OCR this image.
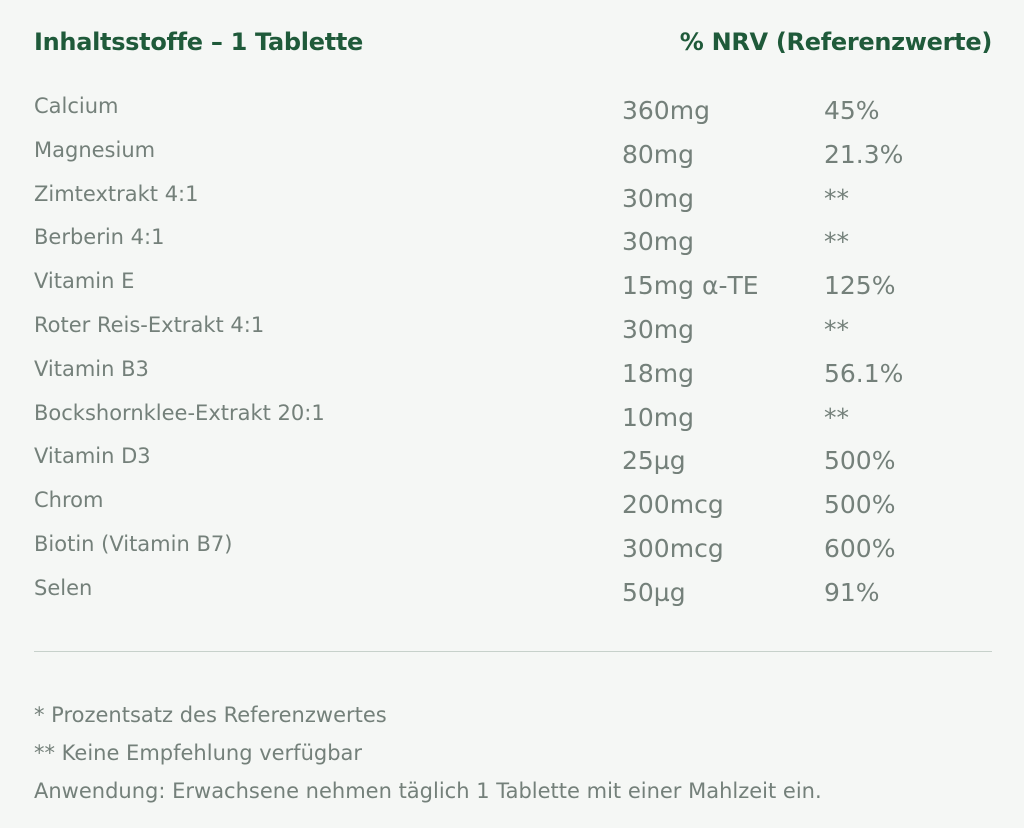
Inhaltsstoffe – 1 Tablette	% NRV (Referenzwerte)
Calcium	360mg	45%
Magnesium	80mg	21.3%
Zimtextrakt 4:1	30mg	**
Berberin 4:1	30mg	**
Vitamin E	15mg α-TE	125%
Roter Reis-Extrakt 4:1	30mg	**
Vitamin B3	18mg	56.1%
Bockshornklee-Extrakt 20:1	10mg	**
Vitamin D3	25µg	500%
Chrom	200mcg	500%
Biotin (Vitamin B7)	300mcg	600%
Selen	50µg	91%
* Prozentsatz des Referenzwertes
** Keine Empfehlung verfügbar
Anwendung: Erwachsene nehmen täglich 1 Tablette mit einer Mahlzeit ein.
